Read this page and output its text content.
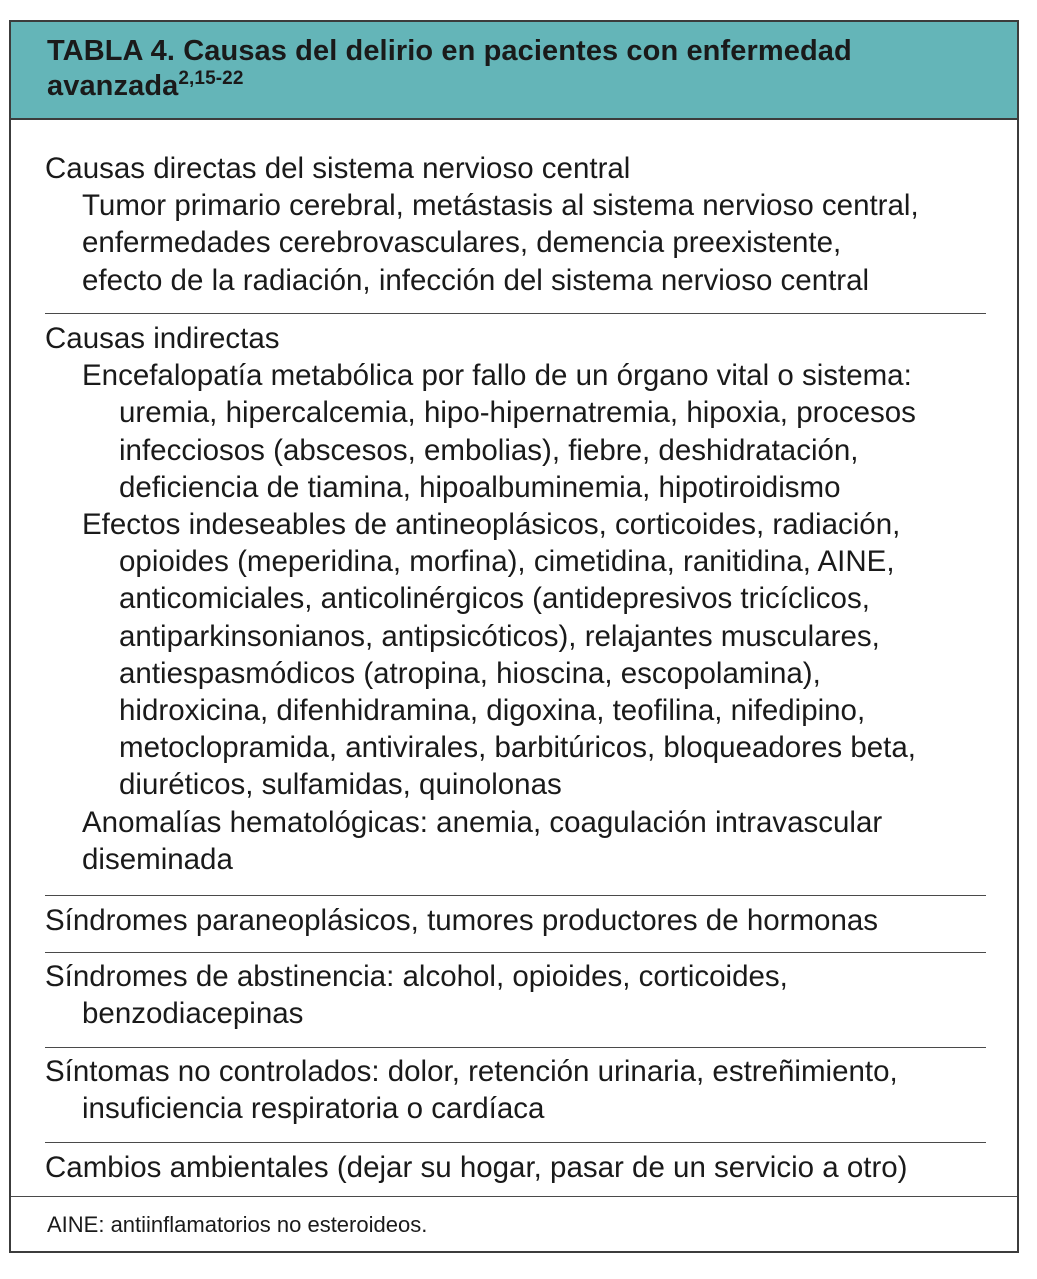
TABLA 4. Causas del delirio en pacientes con enfermedad avanzada$^{2,15-22}$
Causas directas del sistema nervioso central
Tumor primario cerebral, metástasis al sistema nervioso central,
enfermedades cerebrovasculares, demencia preexistente,
efecto de la radiación, infección del sistema nervioso central
Causas indirectas
Encefalopatía metabólica por fallo de un órgano vital o sistema:
uremia, hipercalcemia, hipo-hipernatremia, hipoxia, procesos
infecciosos (abscesos, embolias), fiebre, deshidratación,
deficiencia de tiamina, hipoalbuminemia, hipotiroidismo
Efectos indeseables de antineoplásicos, corticoides, radiación,
opioides (meperidina, morfina), cimetidina, ranitidina, AINE,
anticomiciales, anticolinérgicos (antidepresivos tricíclicos,
antiparkinsonianos, antipsicóticos), relajantes musculares,
antiespasmódicos (atropina, hioscina, escopolamina),
hidroxicina, difenhidramina, digoxina, teofilina, nifedipino,
metoclopramida, antivirales, barbitúricos, bloqueadores beta,
diuréticos, sulfamidas, quinolonas
Anomalías hematológicas: anemia, coagulación intravascular
diseminada
Síndromes paraneoplásicos, tumores productores de hormonas
Síndromes de abstinencia: alcohol, opioides, corticoides,
benzodiacepinas
Síntomas no controlados: dolor, retención urinaria, estreñimiento,
insuficiencia respiratoria o cardíaca
Cambios ambientales (dejar su hogar, pasar de un servicio a otro)
AINE: antiinflamatorios no esteroideos.
